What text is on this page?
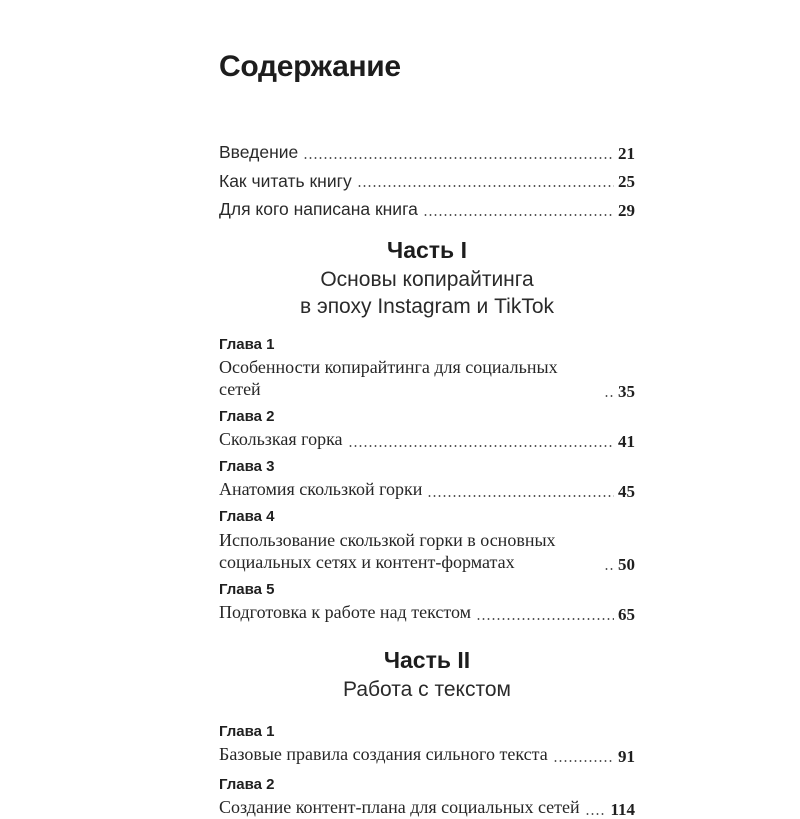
Содержание
Введение	21
Как читать книгу	25
Для кого написана книга	29
Часть I
Основы копирайтинга
в эпоху Instagram и TikTok
Глава 1
Особенности копирайтинга для социальных сетей	35
Глава 2
Скользкая горка	41
Глава 3
Анатомия скользкой горки	45
Глава 4
Использование скользкой горки в основных социальных сетях и контент-форматах	50
Глава 5
Подготовка к работе над текстом	65
Часть II
Работа с текстом
Глава 1
Базовые правила создания сильного текста	91
Глава 2
Создание контент-плана для социальных сетей 114
